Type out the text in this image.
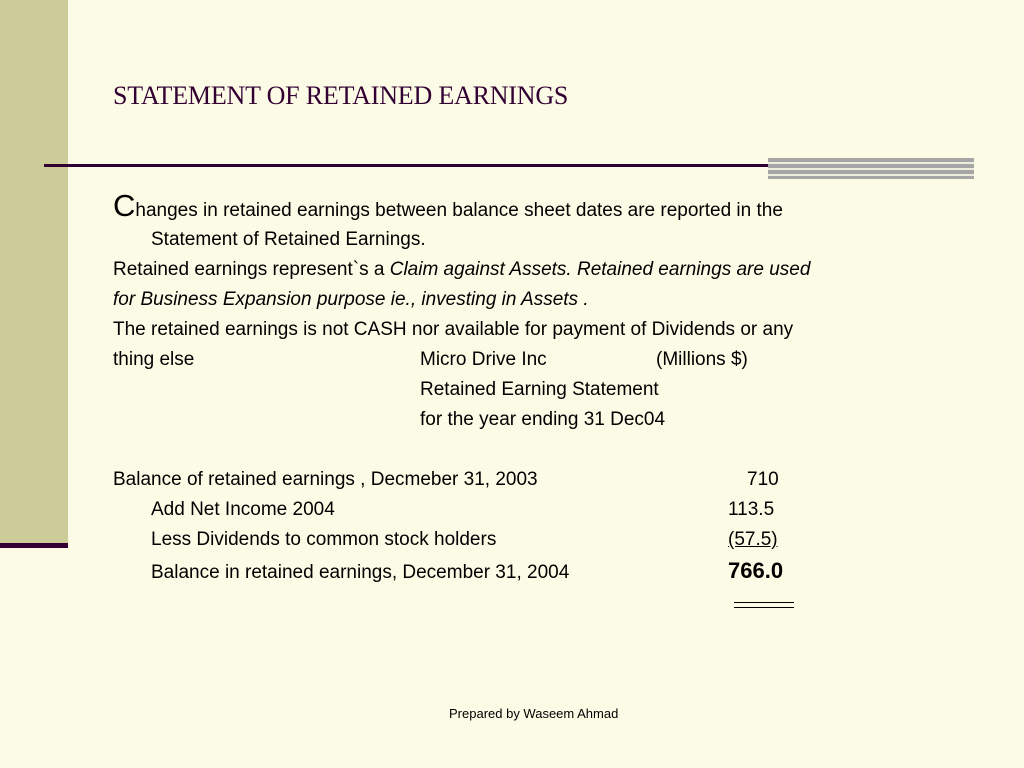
STATEMENT OF RETAINED EARNINGS
Changes in retained earnings between balance sheet dates are reported in the
Statement of Retained Earnings.
Retained earnings represent`s a Claim against Assets. Retained earnings are used
for Business Expansion purpose ie., investing in Assets .
The retained earnings is not CASH nor available for payment of Dividends or any
thing else	Micro Drive Inc	(Millions $)
Retained Earning Statement
for the year ending 31 Dec04
Balance of retained earnings , Decmeber 31, 2003	710
Add Net Income 2004	113.5
Less Dividends to common stock holders	(57.5)
Balance in retained earnings, December 31, 2004	766.0
Prepared by Waseem Ahmad
